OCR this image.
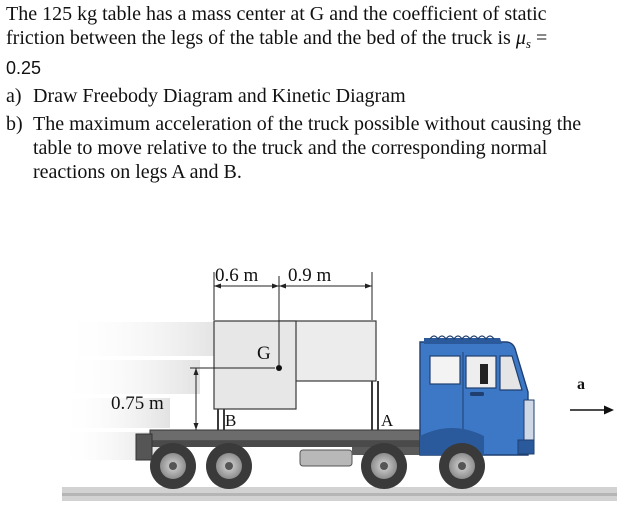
The 125 kg table has a mass center at G and the coefficient of static
friction between the legs of the table and the bed of the truck is $\mu_s$ =
0.25
a) Draw Freebody Diagram and Kinetic Diagram
b) The maximum acceleration of the truck possible without causing the
table to move relative to the truck and the corresponding normal
reactions on legs A and B.
0.6 m 0.9 m
0.75 m
G
B	A
a
